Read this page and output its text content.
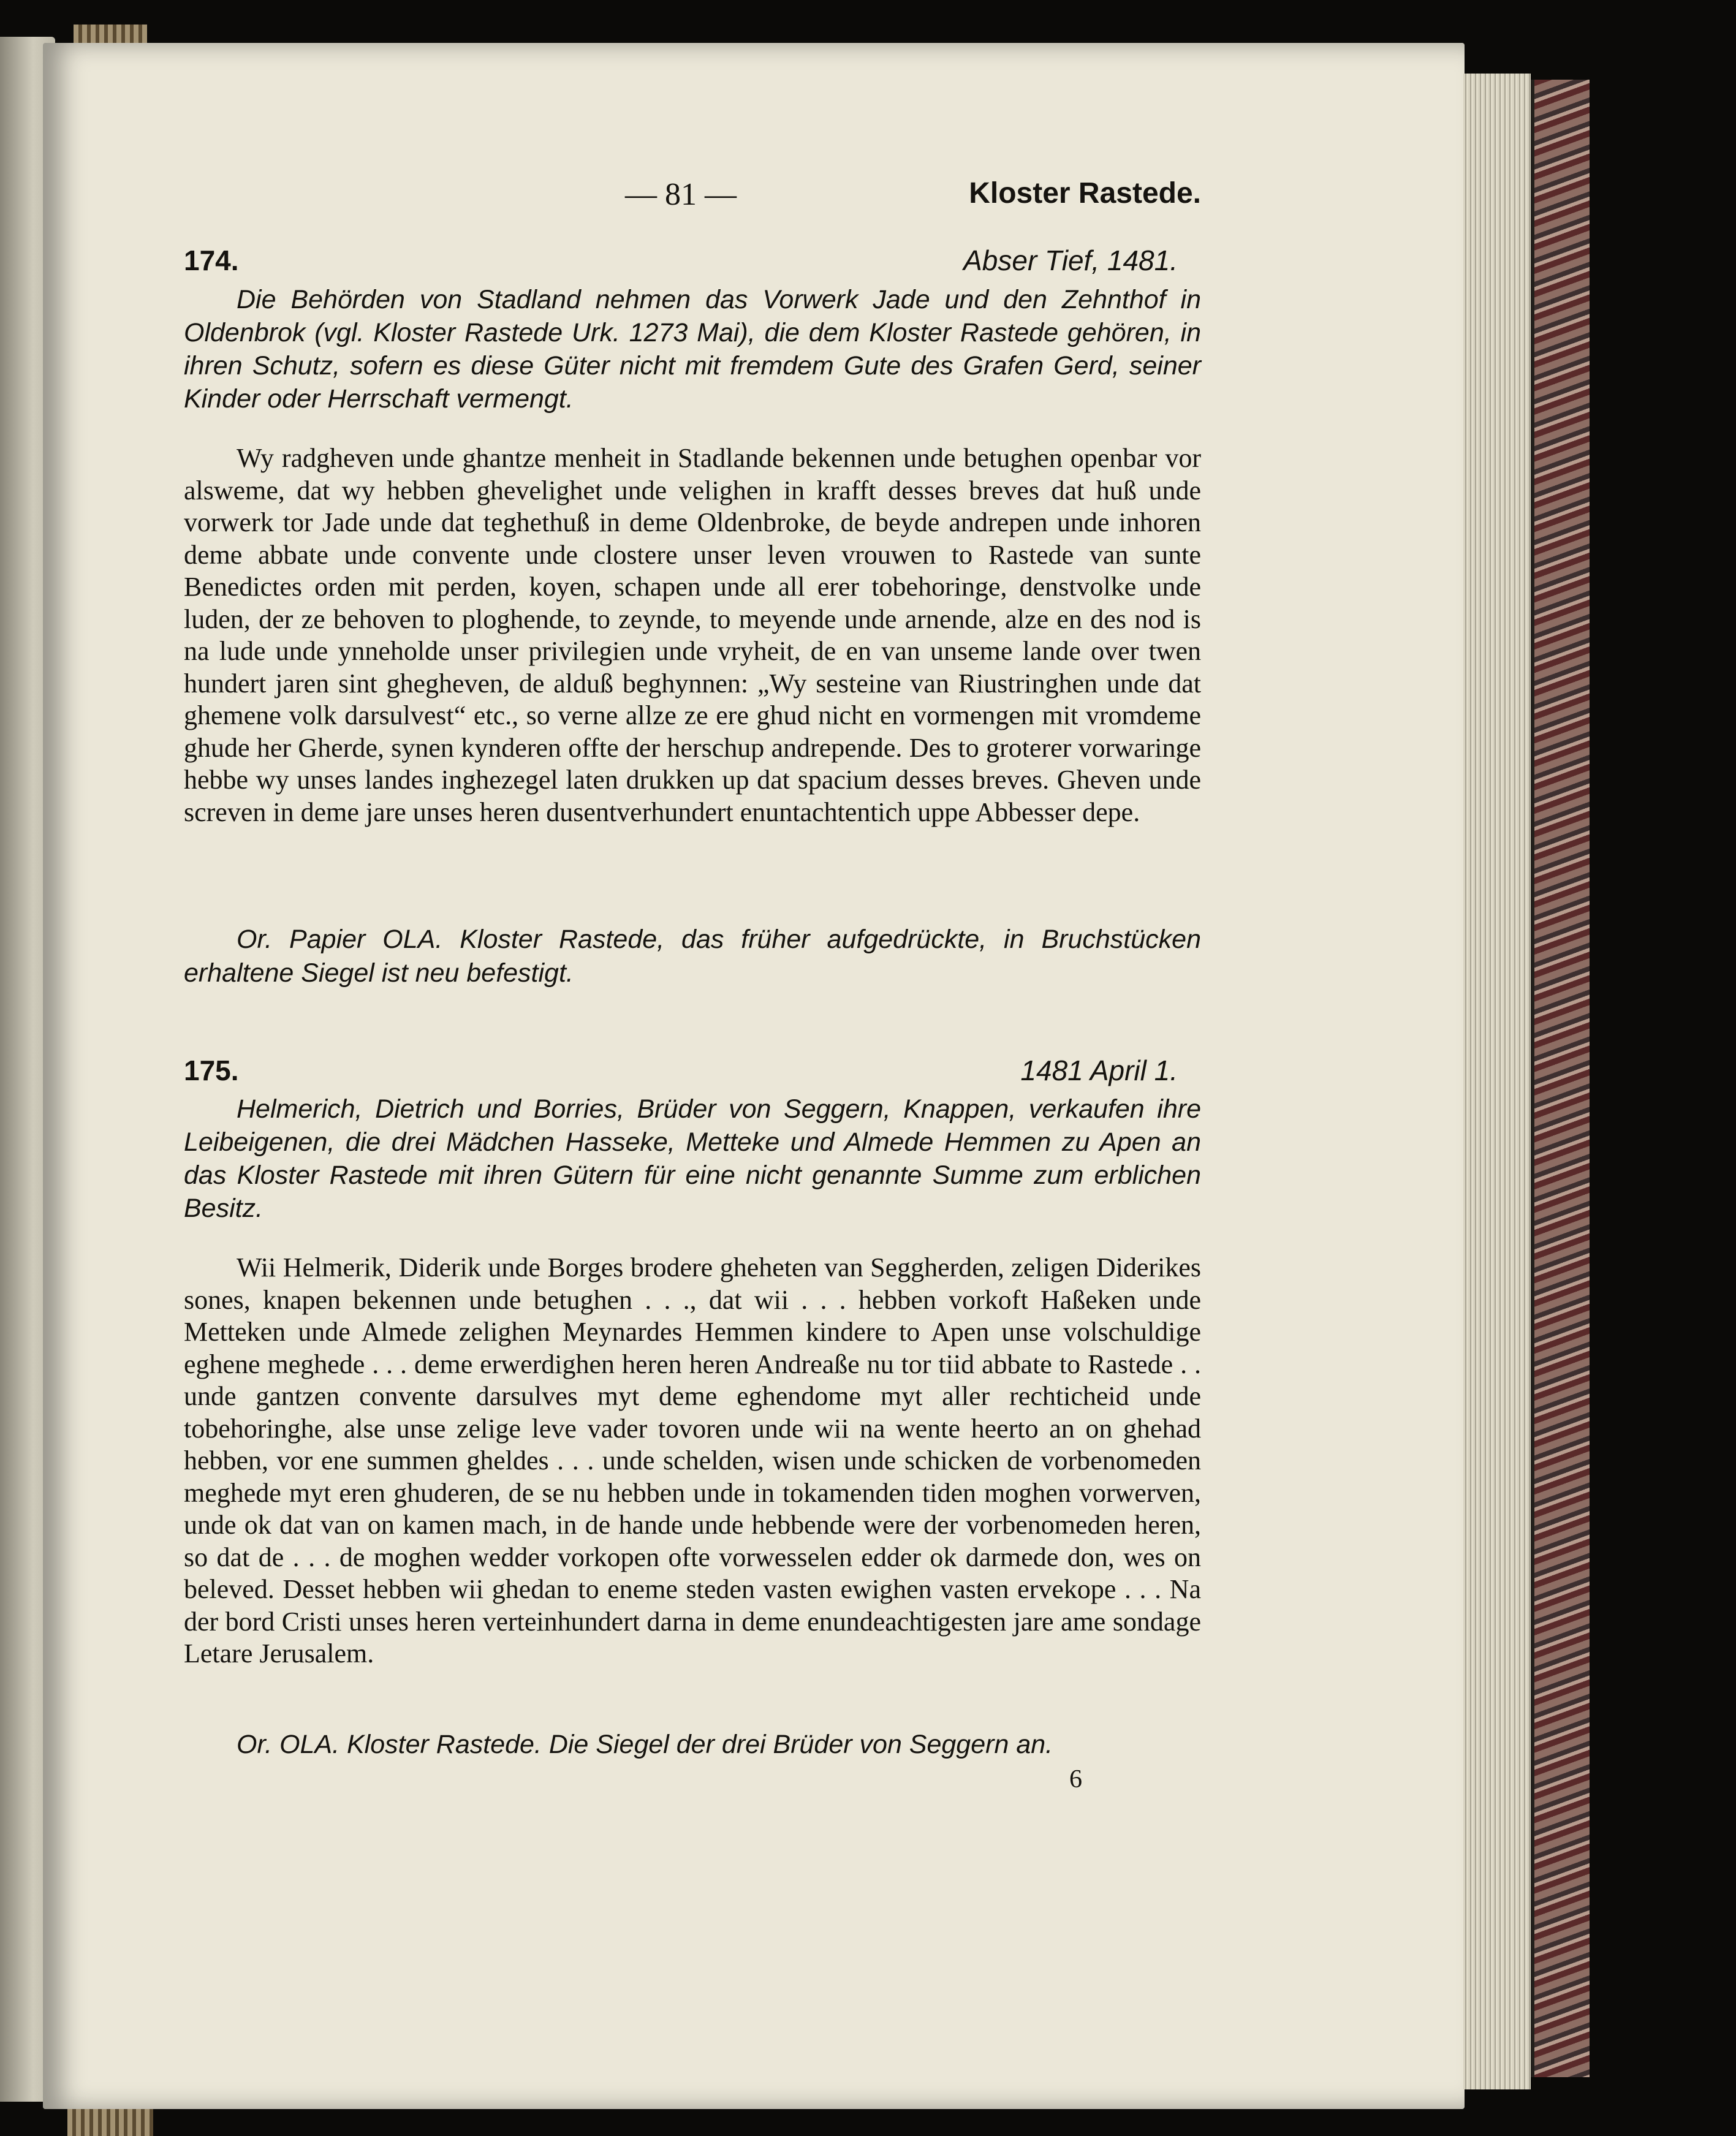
— 81 —	Kloster Rastede.
174.	Abser Tief, 1481.

Die Behörden von Stadland nehmen das Vorwerk Jade und den Zehnthof in Oldenbrok (vgl. Kloster Rastede Urk. 1273 Mai), die dem Kloster Rastede gehören, in ihren Schutz, sofern es diese Güter nicht mit fremdem Gute des Grafen Gerd, seiner Kinder oder Herrschaft vermengt.

Wy radgheven unde ghantze menheit in Stadlande bekennen unde betughen openbar vor alsweme, dat wy hebben ghevelighet unde velighen in krafft desses breves dat huß unde vorwerk tor Jade unde dat teghethuß in deme Oldenbroke, de beyde andrepen unde inhoren deme abbate unde convente unde clostere unser leven vrouwen to Rastede van sunte Benedictes orden mit perden, koyen, schapen unde all erer tobehoringe, denstvolke unde luden, der ze behoven to ploghende, to zeynde, to meyende unde arnende, alze en des nod is na lude unde ynneholde unser privilegien unde vryheit, de en van unseme lande over twen hundert jaren sint ghegheven, de alduß beghynnen: „Wy sesteine van Riustringhen unde dat ghemene volk darsulvest“ etc., so verne allze ze ere ghud nicht en vormengen mit vromdeme ghude her Gherde, synen kynderen offte der herschup andrepende. Des to groterer vorwaringe hebbe wy unses landes inghezegel laten drukken up dat spacium desses breves. Gheven unde screven in deme jare unses heren dusentverhundert enuntachtentich uppe Abbesser depe.

Or. Papier OLA. Kloster Rastede, das früher aufgedrückte, in Bruchstücken erhaltene Siegel ist neu befestigt.

175.	1481 April 1.

Helmerich, Dietrich und Borries, Brüder von Seggern, Knappen, verkaufen ihre Leibeigenen, die drei Mädchen Hasseke, Metteke und Almede Hemmen zu Apen an das Kloster Rastede mit ihren Gütern für eine nicht genannte Summe zum erblichen Besitz.

Wii Helmerik, Diderik unde Borges brodere gheheten van Seggherden, zeligen Diderikes sones, knapen bekennen unde betughen . . ., dat wii . . . hebben vorkoft Haßeken unde Metteken unde Almede zelighen Meynardes Hemmen kindere to Apen unse volschuldige eghene meghede . . . deme erwerdighen heren heren Andreaße nu tor tiid abbate to Rastede . . unde gantzen convente darsulves myt deme eghendome myt aller rechticheid unde tobehoringhe, alse unse zelige leve vader tovoren unde wii na wente heerto an on ghehad hebben, vor ene summen gheldes . . . unde schelden, wisen unde schicken de vorbenomeden meghede myt eren ghuderen, de se nu hebben unde in tokamenden tiden moghen vorwerven, unde ok dat van on kamen mach, in de hande unde hebbende were der vorbenomeden heren, so dat de . . . de moghen wedder vorkopen ofte vorwesselen edder ok darmede don, wes on beleved. Desset hebben wii ghedan to eneme steden vasten ewighen vasten ervekope . . . Na der bord Cristi unses heren verteinhundert darna in deme enundeachtigesten jare ame sondage Letare Jerusalem.

Or. OLA. Kloster Rastede. Die Siegel der drei Brüder von Seggern an.

6
